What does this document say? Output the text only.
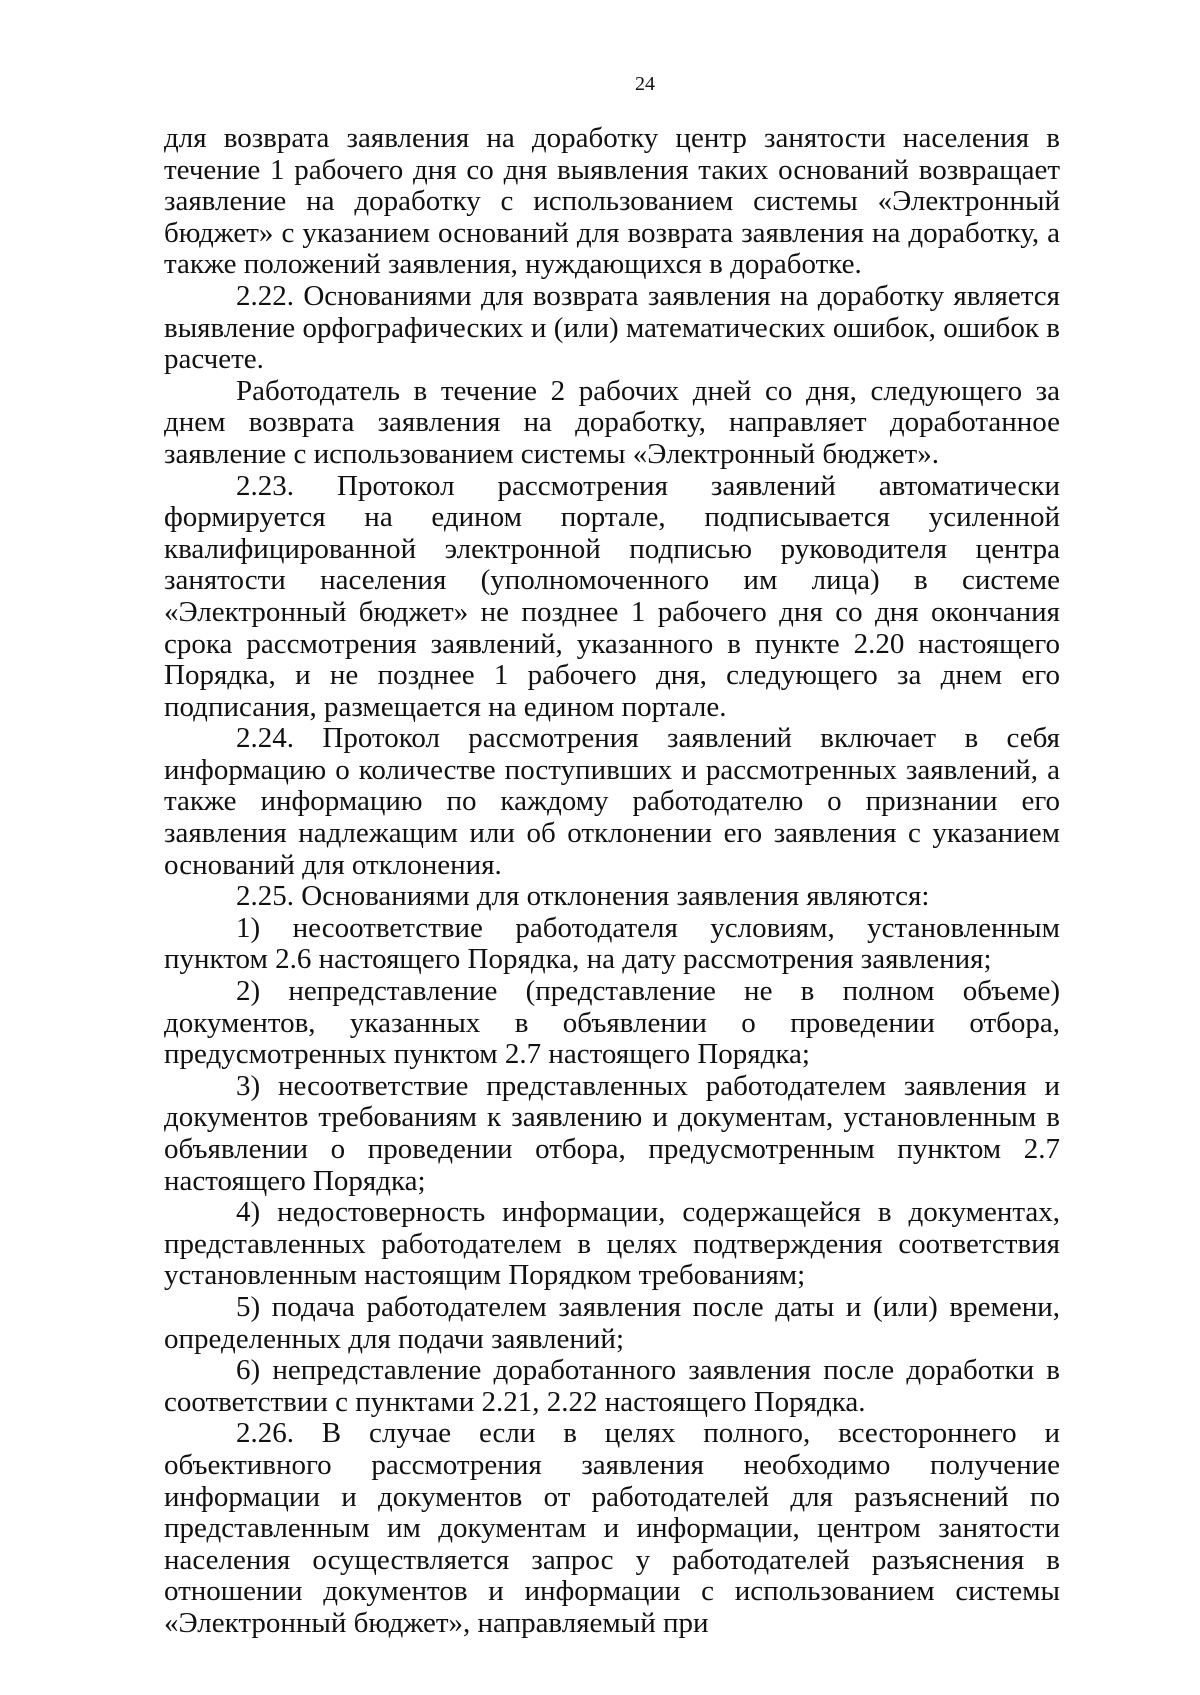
24

для возврата заявления на доработку центр занятости населения в течение 1 рабочего дня со дня выявления таких оснований возвращает заявление на доработку с использованием системы «Электронный бюджет» с указанием оснований для возврата заявления на доработку, а также положений заявления, нуждающихся в доработке.

2.22. Основаниями для возврата заявления на доработку является выявление орфографических и (или) математических ошибок, ошибок в расчете.

Работодатель в течение 2 рабочих дней со дня, следующего за днем возврата заявления на доработку, направляет доработанное заявление с использованием системы «Электронный бюджет».

2.23. Протокол рассмотрения заявлений автоматически формируется на едином портале, подписывается усиленной квалифицированной электронной подписью руководителя центра занятости населения (уполномоченного им лица) в системе «Электронный бюджет» не позднее 1 рабочего дня со дня окончания срока рассмотрения заявлений, указанного в пункте 2.20 настоящего Порядка, и не позднее 1 рабочего дня, следующего за днем его подписания, размещается на едином портале.

2.24. Протокол рассмотрения заявлений включает в себя информацию о количестве поступивших и рассмотренных заявлений, а также информацию по каждому работодателю о признании его заявления надлежащим или об отклонении его заявления с указанием оснований для отклонения.

2.25. Основаниями для отклонения заявления являются:

1) несоответствие работодателя условиям, установленным пунктом 2.6 настоящего Порядка, на дату рассмотрения заявления;

2) непредставление (представление не в полном объеме) документов, указанных в объявлении о проведении отбора, предусмотренных пунктом 2.7 настоящего Порядка;

3) несоответствие представленных работодателем заявления и документов требованиям к заявлению и документам, установленным в объявлении о проведении отбора, предусмотренным пунктом 2.7 настоящего Порядка;

4) недостоверность информации, содержащейся в документах, представленных работодателем в целях подтверждения соответствия установленным настоящим Порядком требованиям;

5) подача работодателем заявления после даты и (или) времени, определенных для подачи заявлений;

6) непредставление доработанного заявления после доработки в соответствии с пунктами 2.21, 2.22 настоящего Порядка.

2.26. В случае если в целях полного, всестороннего и объективного рассмотрения заявления необходимо получение информации и документов от работодателей для разъяснений по представленным им документам и информации, центром занятости населения осуществляется запрос у работодателей разъяснения в отношении документов и информации с использованием системы «Электронный бюджет», направляемый при
